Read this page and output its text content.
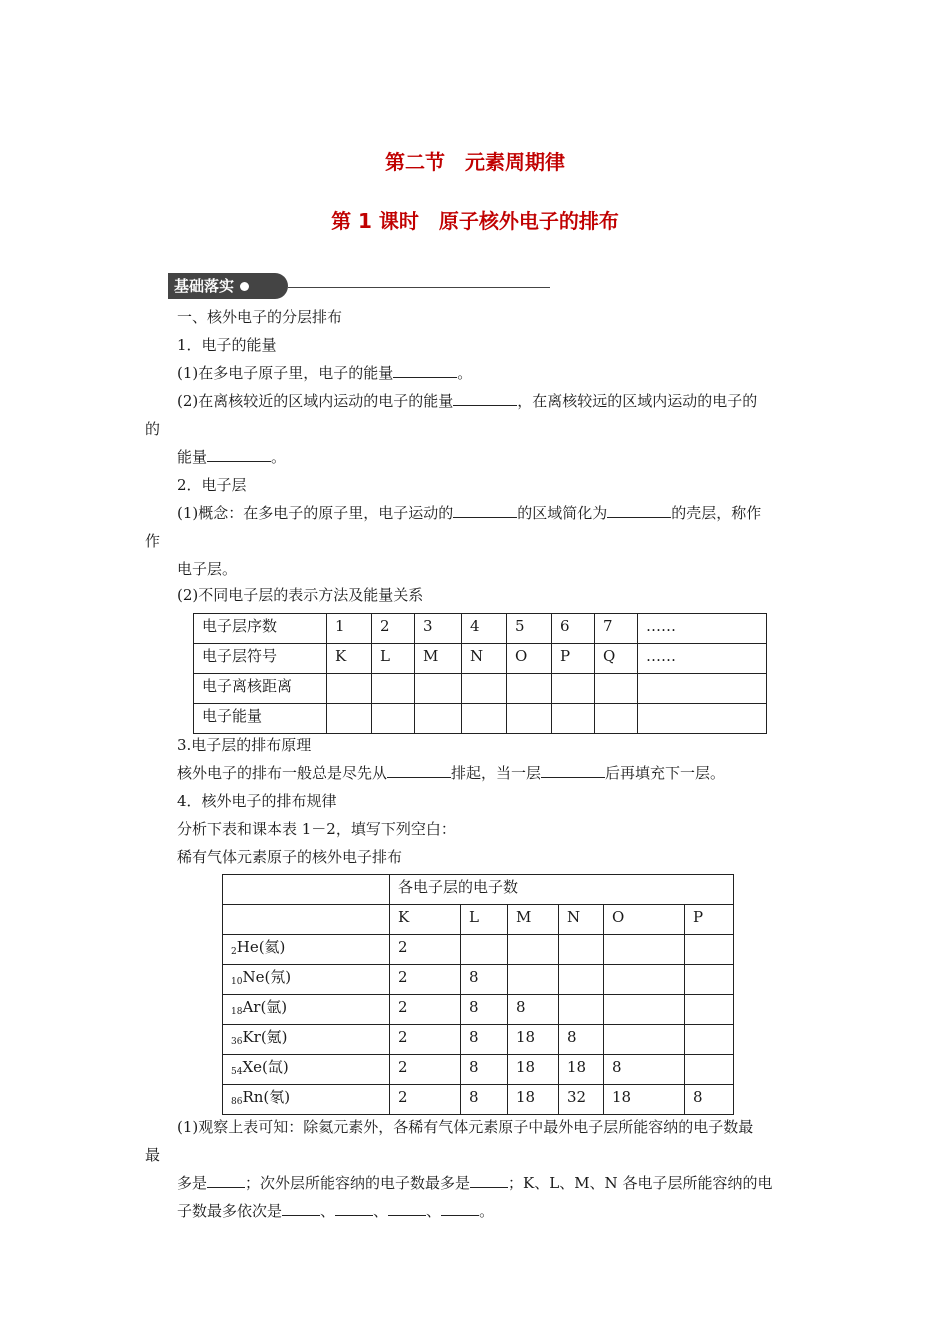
第二节　元素周期律
第 1 课时　原子核外电子的排布
基础落实
一、核外电子的分层排布
1．电子的能量
(1)在多电子原子里，电子的能量	。
(2)在离核较近的区域内运动的电子的能量	，在离核较远的区域内运动的电子的
的
能量	。
2．电子层
(1)概念：在多电子的原子里，电子运动的	的区域简化为	的壳层，称作
作
电子层。
(2)不同电子层的表示方法及能量关系
电子层序数	1	2	3	4	5	6	7	……
电子层符号	K	L	M	N	O	P	Q	……
电子离核距离								
电子能量								
3.电子层的排布原理
核外电子的排布一般总是尽先从	排起，当一层	后再填充下一层。
4．核外电子的排布规律
分析下表和课本表 1－2，填写下列空白：
稀有气体元素原子的核外电子排布
	各电子层的电子数					
	K	L	M	N	O	P
$_2$He(氦)	2					
$_{10}$Ne(氖)	2	8				
$_{18}$Ar(氩)	2	8	8			
$_{36}$Kr(氪)	2	8	18	8		
$_{54}$Xe(氙)	2	8	18	18	8	
$_{86}$Rn(氡)	2	8	18	32	18	8
(1)观察上表可知：除氦元素外，各稀有气体元素原子中最外电子层所能容纳的电子数最
最
多是	；次外层所能容纳的电子数最多是	；K、L、M、N 各电子层所能容纳的电
子数最多依次是	、	、	、	。
